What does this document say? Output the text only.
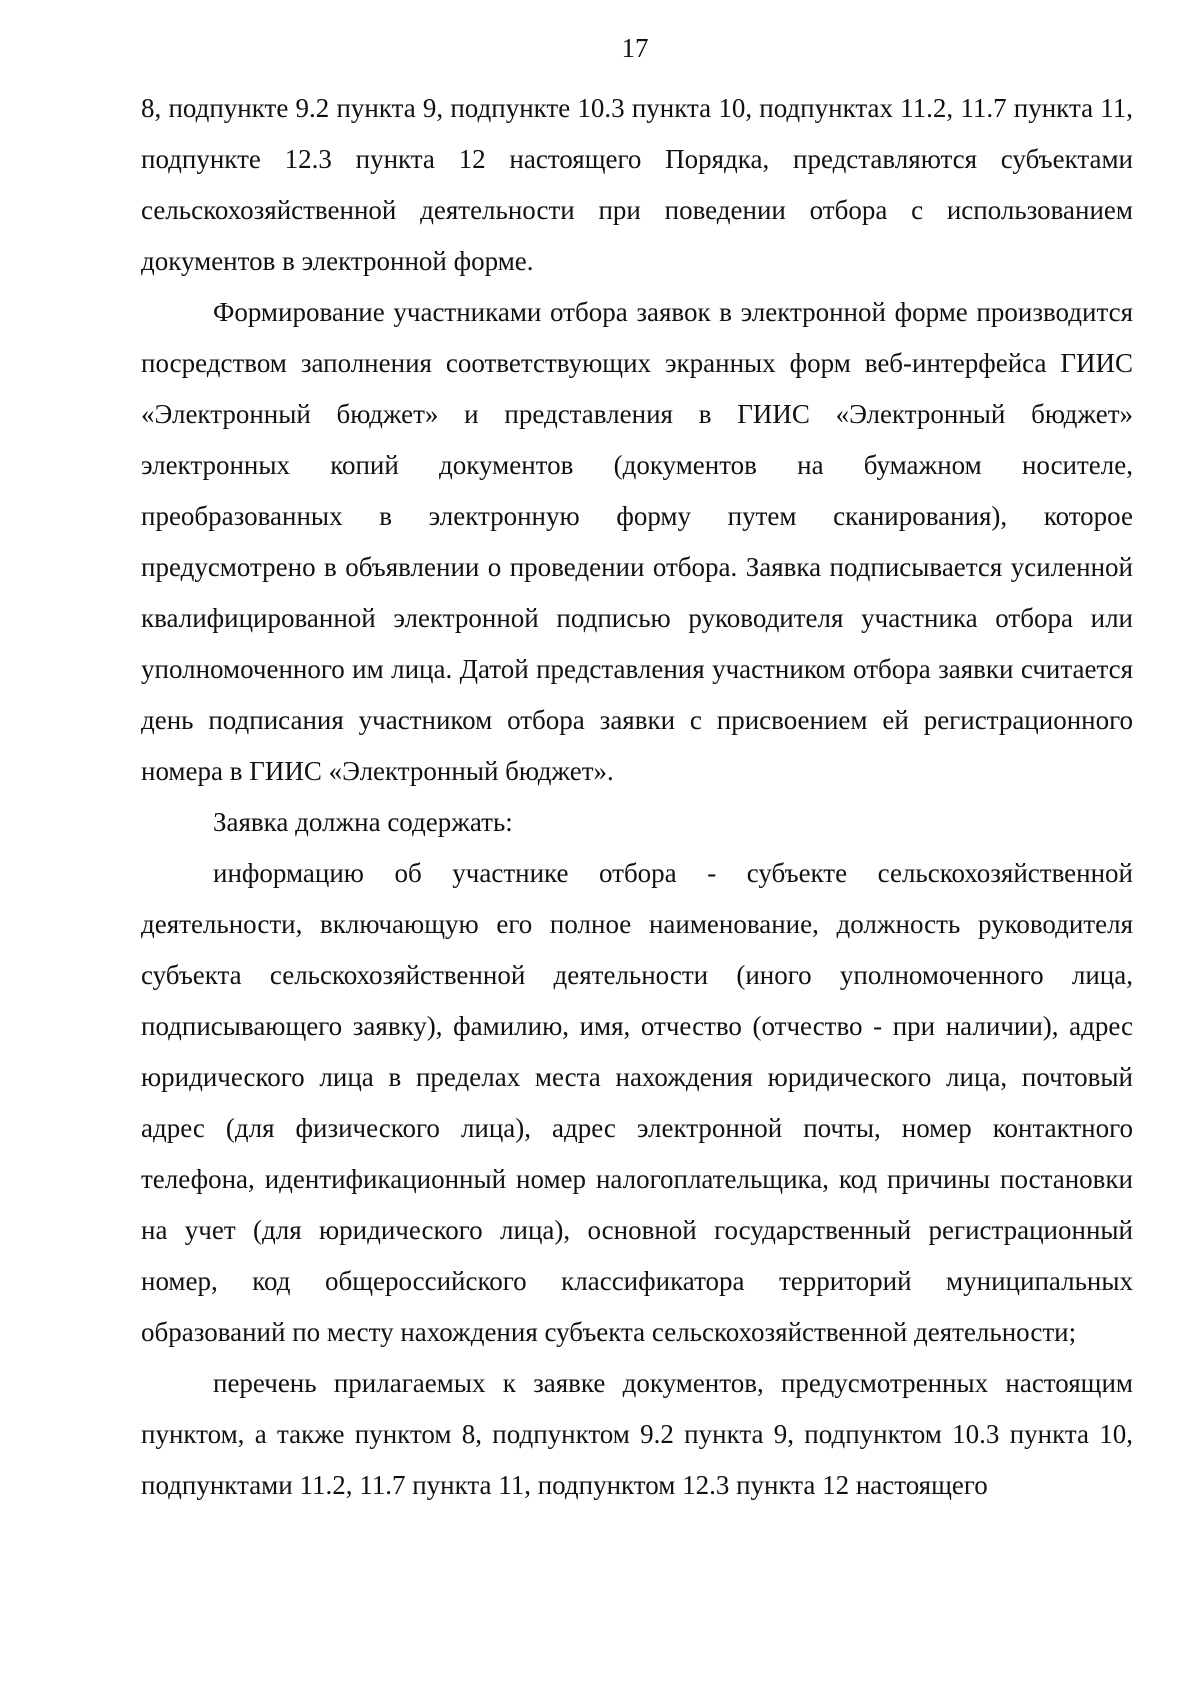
17

8, подпункте 9.2 пункта 9, подпункте 10.3 пункта 10, подпунктах 11.2, 11.7 пункта 11, подпункте 12.3 пункта 12 настоящего Порядка, представляются субъектами сельскохозяйственной деятельности при поведении отбора с использованием документов в электронной форме.

Формирование участниками отбора заявок в электронной форме производится посредством заполнения соответствующих экранных форм веб-интерфейса ГИИС «Электронный бюджет» и представления в ГИИС «Электронный бюджет» электронных копий документов (документов на бумажном носителе, преобразованных в электронную форму путем сканирования), которое предусмотрено в объявлении о проведении отбора. Заявка подписывается усиленной квалифицированной электронной подписью руководителя участника отбора или уполномоченного им лица. Датой представления участником отбора заявки считается день подписания участником отбора заявки с присвоением ей регистрационного номера в ГИИС «Электронный бюджет».

Заявка должна содержать:

информацию об участнике отбора - субъекте сельскохозяйственной деятельности, включающую его полное наименование, должность руководителя субъекта сельскохозяйственной деятельности (иного уполномоченного лица, подписывающего заявку), фамилию, имя, отчество (отчество - при наличии), адрес юридического лица в пределах места нахождения юридического лица, почтовый адрес (для физического лица), адрес электронной почты, номер контактного телефона, идентификационный номер налогоплательщика, код причины постановки на учет (для юридического лица), основной государственный регистрационный номер, код общероссийского классификатора территорий муниципальных образований по месту нахождения субъекта сельскохозяйственной деятельности;

перечень прилагаемых к заявке документов, предусмотренных настоящим пунктом, а также пунктом 8, подпунктом 9.2 пункта 9, подпунктом 10.3 пункта 10, подпунктами 11.2, 11.7 пункта 11, подпунктом 12.3 пункта 12 настоящего
